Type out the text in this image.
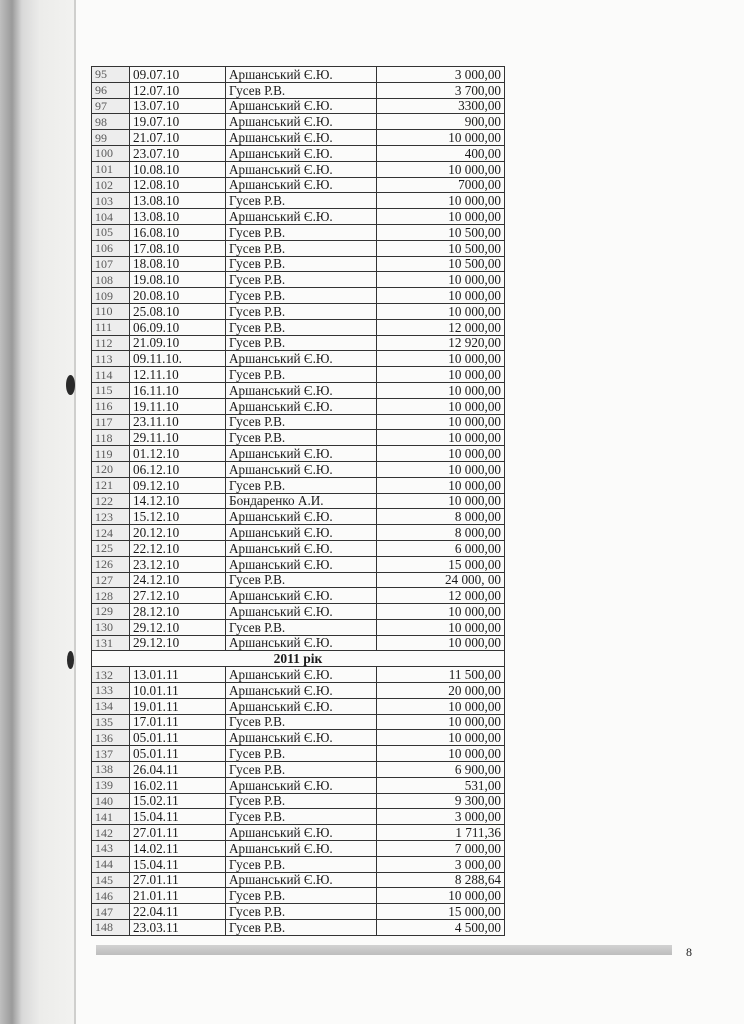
95	09.07.10	Аршанський Є.Ю.	3 000,00
96	12.07.10	Гусев Р.В.	3 700,00
97	13.07.10	Аршанський Є.Ю.	3300,00
98	19.07.10	Аршанський Є.Ю.	900,00
99	21.07.10	Аршанський Є.Ю.	10 000,00
100	23.07.10	Аршанський Є.Ю.	400,00
101	10.08.10	Аршанський Є.Ю.	10 000,00
102	12.08.10	Аршанський Є.Ю.	7000,00
103	13.08.10	Гусев Р.В.	10 000,00
104	13.08.10	Аршанський Є.Ю.	10 000,00
105	16.08.10	Гусев Р.В.	10 500,00
106	17.08.10	Гусев Р.В.	10 500,00
107	18.08.10	Гусев Р.В.	10 500,00
108	19.08.10	Гусев Р.В.	10 000,00
109	20.08.10	Гусев Р.В.	10 000,00
110	25.08.10	Гусев Р.В.	10 000,00
111	06.09.10	Гусев Р.В.	12 000,00
112	21.09.10	Гусев Р.В.	12 920,00
113	09.11.10.	Аршанський Є.Ю.	10 000,00
114	12.11.10	Гусев Р.В.	10 000,00
115	16.11.10	Аршанський Є.Ю.	10 000,00
116	19.11.10	Аршанський Є.Ю.	10 000,00
117	23.11.10	Гусев Р.В.	10 000,00
118	29.11.10	Гусев Р.В.	10 000,00
119	01.12.10	Аршанський Є.Ю.	10 000,00
120	06.12.10	Аршанський Є.Ю.	10 000,00
121	09.12.10	Гусев Р.В.	10 000,00
122	14.12.10	Бондаренко А.И.	10 000,00
123	15.12.10	Аршанський Є.Ю.	8 000,00
124	20.12.10	Аршанський Є.Ю.	8 000,00
125	22.12.10	Аршанський Є.Ю.	6 000,00
126	23.12.10	Аршанський Є.Ю.	15 000,00
127	24.12.10	Гусев Р.В.	24 000, 00
128	27.12.10	Аршанський Є.Ю.	12 000,00
129	28.12.10	Аршанський Є.Ю.	10 000,00
130	29.12.10	Гусев Р.В.	10 000,00
131	29.12.10	Аршанський Є.Ю.	10 000,00
2011 рік			
132	13.01.11	Аршанський Є.Ю.	11 500,00
133	10.01.11	Аршанський Є.Ю.	20 000,00
134	19.01.11	Аршанський Є.Ю.	10 000,00
135	17.01.11	Гусев Р.В.	10 000,00
136	05.01.11	Аршанський Є.Ю.	10 000,00
137	05.01.11	Гусев Р.В.	10 000,00
138	26.04.11	Гусев Р.В.	6 900,00
139	16.02.11	Аршанський Є.Ю.	531,00
140	15.02.11	Гусев Р.В.	9 300,00
141	15.04.11	Гусев Р.В.	3 000,00
142	27.01.11	Аршанський Є.Ю.	1 711,36
143	14.02.11	Аршанський Є.Ю.	7 000,00
144	15.04.11	Гусев Р.В.	3 000,00
145	27.01.11	Аршанський Є.Ю.	8 288,64
146	21.01.11	Гусев Р.В.	10 000,00
147	22.04.11	Гусев Р.В.	15 000,00
148	23.03.11	Гусев Р.В.	4 500,00
8
